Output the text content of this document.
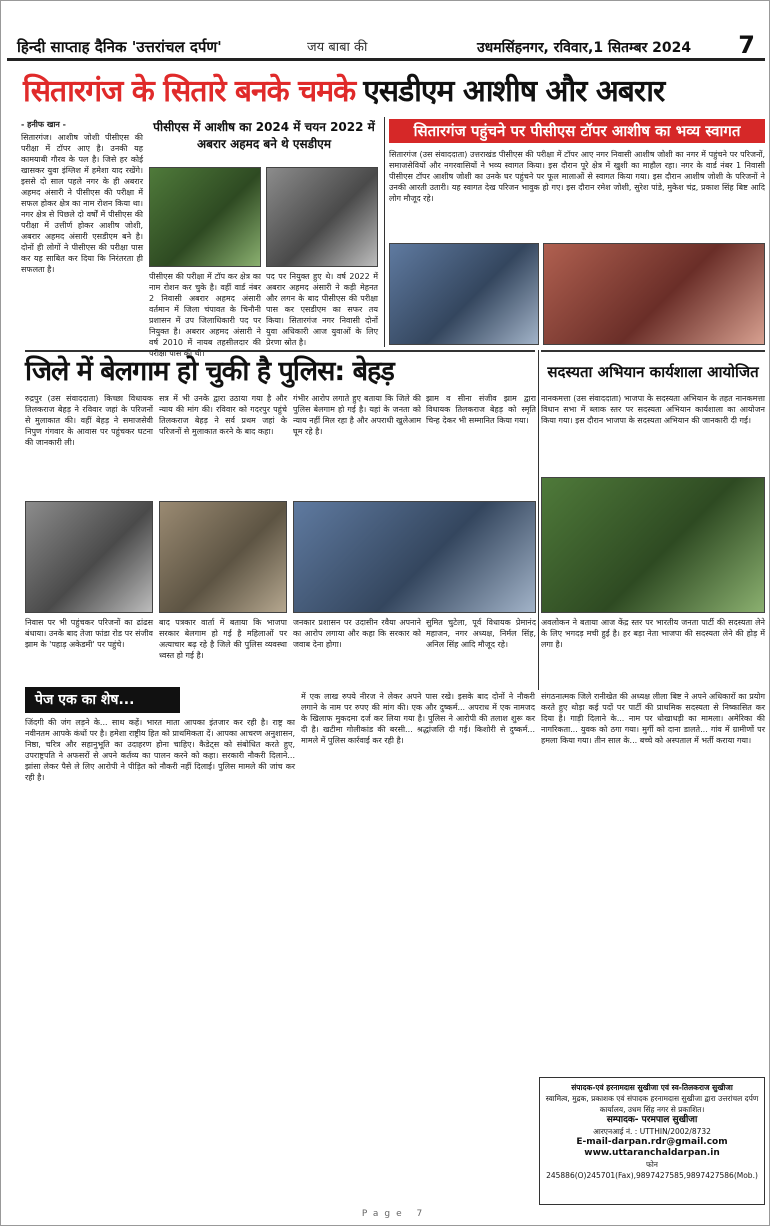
हिन्दी साप्ताह दैनिक 'उत्तरांचल दर्पण'	जय बाबा की	उधमसिंहनगर, रविवार,1 सितम्बर 2024 7
सितारगंज के सितारे बनके चमके एसडीएम आशीष और अबरार
- हनीफ खान -
सितारगंज। आशीष जोशी पीसीएस की परीक्षा में टॉपर आए है। उनकी यह कामयाबी गौरव के पल है। जिसे हर कोई खासकर युवा इंग्लिश में हमेशा याद रखेंगे। इससे दो साल पहले नगर के ही अबरार अहमद अंसारी ने पीसीएस की परीक्षा में सफल होकर क्षेत्र का नाम रोशन किया था। नगर क्षेत्र से पिछले दो वर्षों में पीसीएस की परीक्षा में उत्तीर्ण होकर आशीष जोशी, अबरार अहमद अंसारी एसडीएम बने है। दोनों ही लोगों ने पीसीएस की परीक्षा पास कर यह साबित कर दिया कि निरंतरता ही सफलता है।
पीसीएस में आशीष का 2024 में चयन 2022 में अबरार अहमद बने थे एसडीएम
पीसीएस की परीक्षा में टॉप कर क्षेत्र का नाम रोशन कर चुके है। वहीं वार्ड नंबर 2 निवासी अबरार अहमद अंसारी वर्तमान में जिला चंपावत के चिनौनी प्रशासन में उप जिलाधिकारी पद पर नियुक्त है। अबरार अहमद अंसारी ने वर्ष 2010 में नायब तहसीलदार की परीक्षा पास की थी।
पद पर नियुक्त हुए थे। वर्ष 2022 में अबरार अहमद अंसारी ने कड़ी मेहनत और लगन के बाद पीसीएस की परीक्षा पास कर एसडीएम का सफर तय किया। सितारगंज नगर निवासी दोनों युवा अधिकारी आज युवाओं के लिए प्रेरणा स्रोत है।
सितारगंज पहुंचने पर पीसीएस टॉपर आशीष का भव्य स्वागत
सितारगंज (उस संवाददाता) उत्तराखंड पीसीएस की परीक्षा में टॉपर आए नगर निवासी आशीष जोशी का नगर में पहुंचने पर परिजनों, समाजसेवियों और नगरवासियों ने भव्य स्वागत किया। इस दौरान पूरे क्षेत्र में खुशी का माहौल रहा। नगर के वार्ड नंबर 1 निवासी पीसीएस टॉपर आशीष जोशी का उनके घर पहुंचने पर फूल मालाओं से स्वागत किया गया। इस दौरान आशीष जोशी के परिजनों ने उनकी आरती उतारी। यह स्वागत देख परिजन भावुक हो गए। इस दौरान रमेश जोशी, सुरेश पांडे, मुकेश चंद्र, प्रकाश सिंह बिष्ट आदि लोग मौजूद रहे।
जिले में बेलगाम हो चुकी है पुलिस: बेहड़	सदस्यता अभियान कार्यशाला आयोजित
रुद्रपुर (उस संवाददाता) किच्छा विधायक तिलकराज बेहड़ ने रविवार जहां के परिजनों से मुलाकात की। वहीं बेहड़ ने समाजसेवी निपुण गंगवार के आवास पर पहुंचकर घटना की जानकारी ली।
सत्र में भी उनके द्वारा उठाया गया है और न्याय की मांग की। रविवार को गदरपुर पहुंचे तिलकराज बेहड़ ने सर्व प्रथम जहां के परिजनों से मुलाकात करने के बाद कहा।
गंभीर आरोप लगाते हुए बताया कि जिले की पुलिस बेलगाम हो गई है। यहां के जनता को न्याय नहीं मिल रहा है और अपराधी खुलेआम घूम रहे है।
झाम व सीना संजीव झाम द्वारा विधायक तिलकराज बेहड़ को स्मृति चिन्ह देकर भी सम्मानित किया गया।
नानकमत्ता (उस संवाददाता) भाजपा के सदस्यता अभियान के तहत नानकमत्ता विधान सभा में ब्लाक स्तर पर सदस्यता अभियान कार्यशाला का आयोजन किया गया। इस दौरान भाजपा के सदस्यता अभियान की जानकारी दी गई।
निवास पर भी पहुंचकर परिजनों का ढांढस बंधाया। उनके बाद तेजा फांडा रोड पर संजीव झाम के 'पहाड़ अकेडमी' पर पहुंचे।
बाद पत्रकार वार्ता में बताया कि भाजपा सरकार बेलगाम हो गई है महिलाओं पर अत्याचार बढ़ रहे है जिले की पुलिस व्यवस्था ध्वस्त हो गई है।
जनकार प्रशासन पर उदासीन रवैया अपनाने का आरोप लगाया और कहा कि सरकार को जवाब देना होगा।
सुमित चुटेला, पूर्व विधायक प्रेमानंद महाजन, नगर अध्यक्ष, निर्मल सिंह, अनिल सिंह आदि मौजूद रहे।
अवलोकन ने बताया आज केंद्र स्तर पर भारतीय जनता पार्टी की सदस्यता लेने के लिए भगदड़ मची हुई है। हर बड़ा नेता भाजपा की सदस्यता लेने की होड़ में लगा है।
पेज एक का शेष...
जिंदगी की जंग लड़ने के... साथ कहें। भारत माता आपका इंतजार कर रही है। राष्ट्र का नवीनतम आपके कंधों पर है। हमेशा राष्ट्रीय हित को प्राथमिकता दें। आपका आचरण अनुशासन, निष्ठा, चरित्र और सहानुभूति का उदाहरण होना चाहिए। कैडेट्स को संबोधित करते हुए, उपराष्ट्रपति ने अफसरों से अपने कर्तव्य का पालन करने को कहा। सरकारी नौकरी दिलाने... झांसा लेकर पैसे ले लिए आरोपी ने पीड़ित को नौकरी नहीं दिलाई। पुलिस मामले की जांच कर रही है।
में एक लाख रुपये नीरज ने लेकर अपने पास रखे। इसके बाद दोनों ने नौकरी लगाने के नाम पर रुपए की मांग की। एक और दुष्कर्म... अपराध में एक नामजद के खिलाफ मुकदमा दर्ज कर लिया गया है। पुलिस ने आरोपी की तलाश शुरू कर दी है। खटीमा गोलीकांड की बरसी... श्रद्धांजलि दी गई। किशोरी से दुष्कर्म... मामले में पुलिस कार्रवाई कर रही है।
संगठनात्मक जिले रानीखेत की अध्यक्ष लीला बिष्ट ने अपने अधिकारों का प्रयोग करते हुए थोड़ा कई पदों पर पार्टी की प्राथमिक सदस्यता से निष्कासित कर दिया है। गाड़ी दिलाने के... नाम पर धोखाधड़ी का मामला। अमेरिका की नागरिकता... युवक को ठगा गया। मुर्गी को दाना डालते... गांव में ग्रामीणों पर हमला किया गया। तीन साल के... बच्चे को अस्पताल में भर्ती कराया गया।
संपादक-एवं हरनामदास सुखीजा एवं स्व-तिलकराज सुखीजा
स्वामित्व, मुद्रक, प्रकाशक एवं संपादक हरनामदास सुखीजा द्वारा उत्तरांचल दर्पण कार्यालय, उधम सिंह नगर से प्रकाशित।
सम्पादक- परमपाल सुखीजा
आरएनआई नं. : UTTHIN/2002/8732
E-mail-darpan.rdr@gmail.com www.uttaranchaldarpan.in
फोन 245886(O)245701(Fax),9897427585,9897427586(Mob.)
Page 7
